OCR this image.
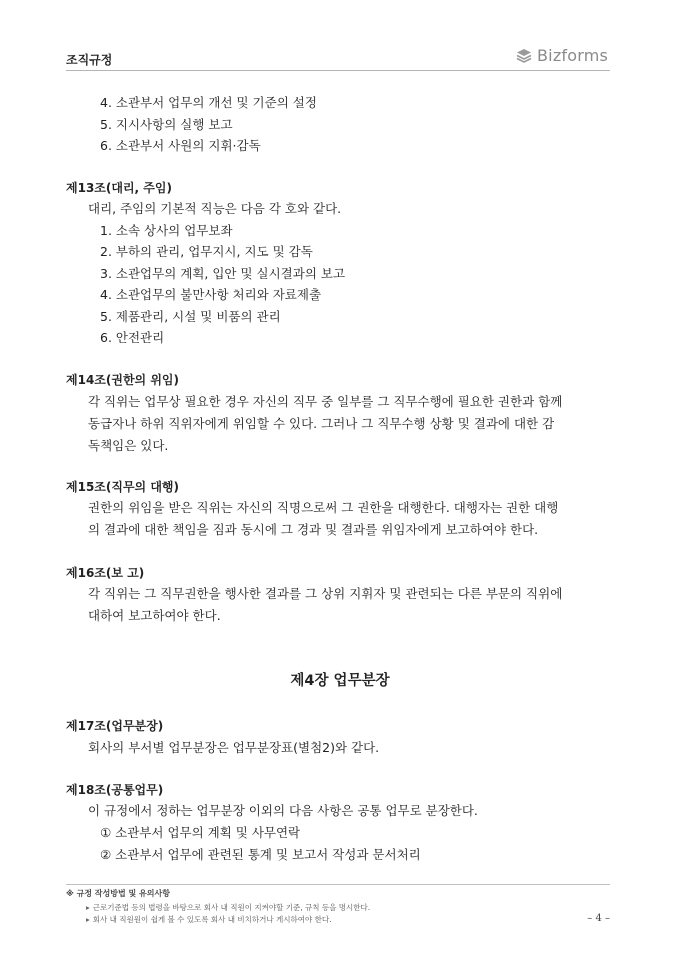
조직규정	Bizforms
4. 소관부서 업무의 개선 및 기준의 설정
5. 지시사항의 실행 보고
6. 소관부서 사원의 지휘·감독
제13조(대리, 주임)
대리, 주임의 기본적 직능은 다음 각 호와 같다.
1. 소속 상사의 업무보좌
2. 부하의 관리, 업무지시, 지도 및 감독
3. 소관업무의 계획, 입안 및 실시결과의 보고
4. 소관업무의 불만사항 처리와 자료제출
5. 제품관리, 시설 및 비품의 관리
6. 안전관리
제14조(권한의 위임)
각 직위는 업무상 필요한 경우 자신의 직무 중 일부를 그 직무수행에 필요한 권한과 함께
동급자나 하위 직위자에게 위임할 수 있다. 그러나 그 직무수행 상황 및 결과에 대한 감
독책임은 있다.
제15조(직무의 대행)
권한의 위임을 받은 직위는 자신의 직명으로써 그 권한을 대행한다. 대행자는 권한 대행
의 결과에 대한 책임을 짐과 동시에 그 경과 및 결과를 위임자에게 보고하여야 한다.
제16조(보 고)
각 직위는 그 직무권한을 행사한 결과를 그 상위 지휘자 및 관련되는 다른 부문의 직위에
대하여 보고하여야 한다.
제4장 업무분장
제17조(업무분장)
회사의 부서별 업무분장은 업무분장표(별첨2)와 같다.
제18조(공통업무)
이 규정에서 정하는 업무분장 이외의 다음 사항은 공통 업무로 분장한다.
① 소관부서 업무의 계획 및 사무연락
② 소관부서 업무에 관련된 통계 및 보고서 작성과 문서처리
※ 규정 작성방법 및 유의사항
▸ 근로기준법 등의 법령을 바탕으로 회사 내 직원이 지켜야할 기준, 규칙 등을 명시한다.
▸ 회사 내 직원원이 쉽게 볼 수 있도록 회사 내 비치하거나 게시하여야 한다.	– 4 –
